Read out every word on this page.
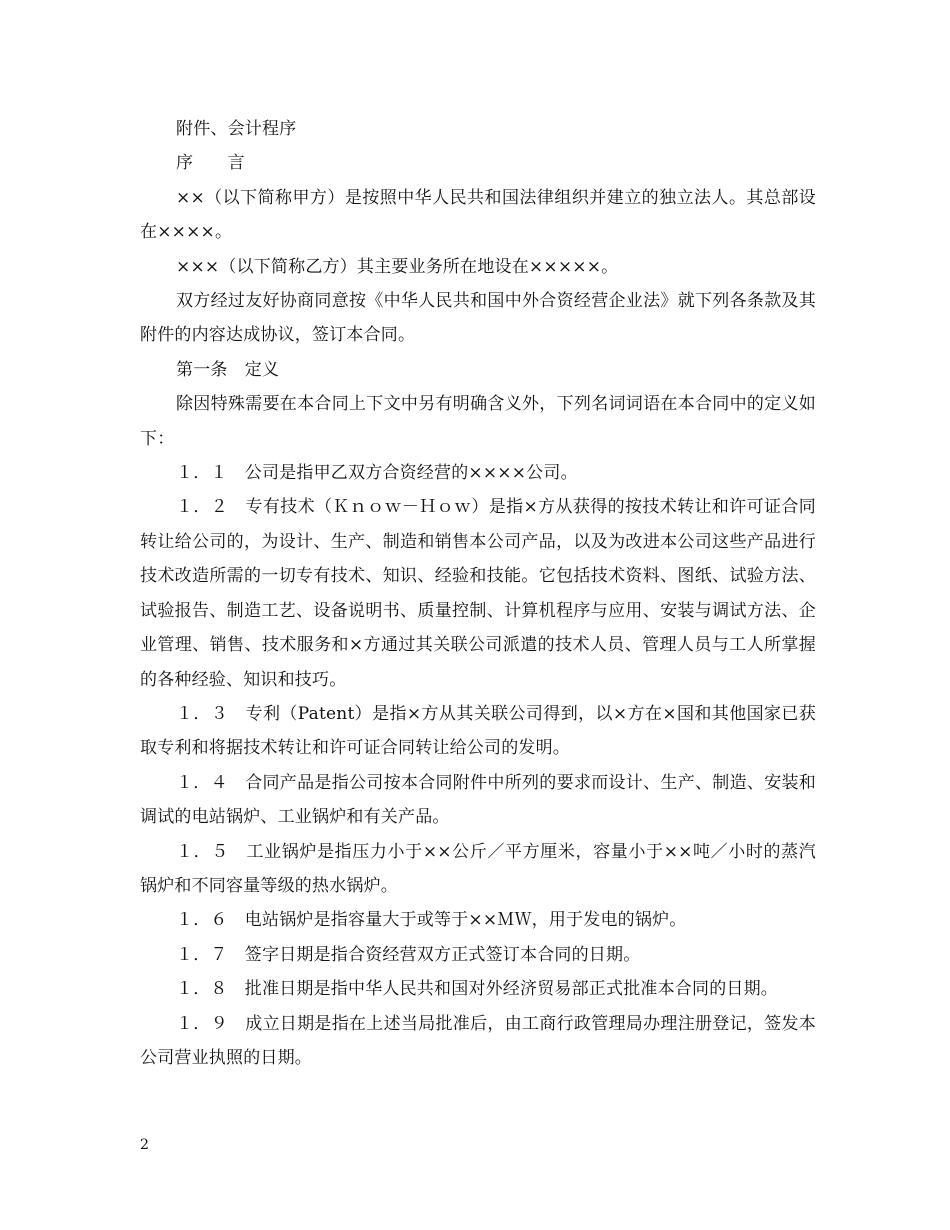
附件、会计程序

序　　言

××（以下简称甲方）是按照中华人民共和国法律组织并建立的独立法人。其总部设在××××。

×××（以下简称乙方）其主要业务所在地设在×××××。

双方经过友好协商同意按《中华人民共和国中外合资经营企业法》就下列各条款及其附件的内容达成协议，签订本合同。

第一条　定义

除因特殊需要在本合同上下文中另有明确含义外，下列名词词语在本合同中的定义如下：

１．１　公司是指甲乙双方合资经营的××××公司。

１．２　专有技术（Ｋｎｏｗ－Ｈｏｗ）是指×方从获得的按技术转让和许可证合同转让给公司的，为设计、生产、制造和销售本公司产品，以及为改进本公司这些产品进行技术改造所需的一切专有技术、知识、经验和技能。它包括技术资料、图纸、试验方法、试验报告、制造工艺、设备说明书、质量控制、计算机程序与应用、安装与调试方法、企业管理、销售、技术服务和×方通过其关联公司派遣的技术人员、管理人员与工人所掌握的各种经验、知识和技巧。

１．３　专利（Patent）是指×方从其关联公司得到，以×方在×国和其他国家已获取专利和将据技术转让和许可证合同转让给公司的发明。

１．４　合同产品是指公司按本合同附件中所列的要求而设计、生产、制造、安装和调试的电站锅炉、工业锅炉和有关产品。

１．５　工业锅炉是指压力小于××公斤／平方厘米，容量小于××吨／小时的蒸汽锅炉和不同容量等级的热水锅炉。

１．６　电站锅炉是指容量大于或等于××ＭＷ，用于发电的锅炉。

１．７　签字日期是指合资经营双方正式签订本合同的日期。

１．８　批准日期是指中华人民共和国对外经济贸易部正式批准本合同的日期。

１．９　成立日期是指在上述当局批准后，由工商行政管理局办理注册登记，签发本公司营业执照的日期。

2
